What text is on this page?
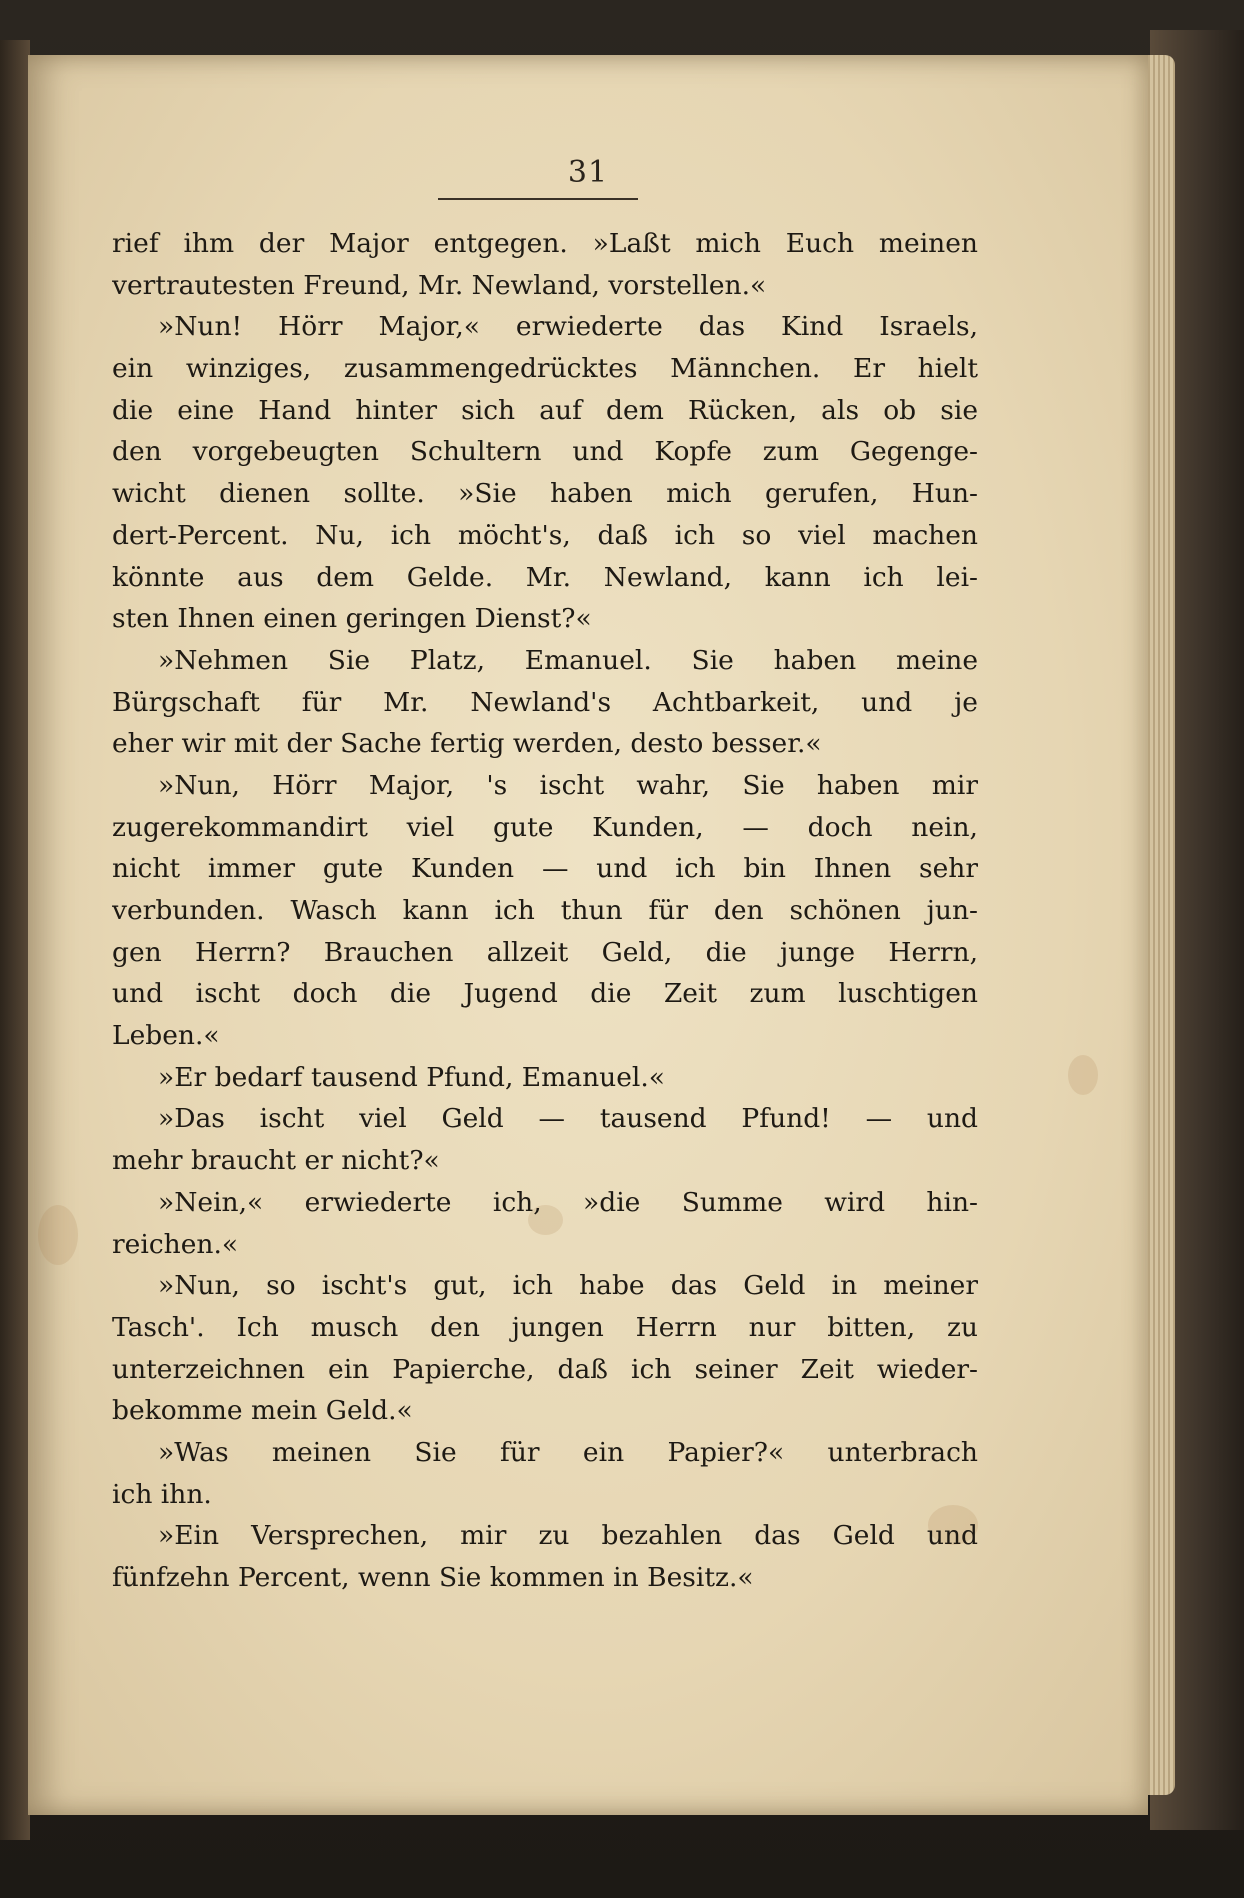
31
rief ihm der Major entgegen. »Laßt mich Euch meinen
vertrautesten Freund, Mr. Newland, vorstellen.«
»Nun! Hörr Major,« erwiederte das Kind Israels,
ein winziges, zusammengedrücktes Männchen. Er hielt
die eine Hand hinter sich auf dem Rücken, als ob sie
den vorgebeugten Schultern und Kopfe zum Gegenge-
wicht dienen sollte. »Sie haben mich gerufen, Hun-
dert-Percent. Nu, ich möcht's, daß ich so viel machen
könnte aus dem Gelde. Mr. Newland, kann ich lei-
sten Ihnen einen geringen Dienst?«
»Nehmen Sie Platz, Emanuel. Sie haben meine
Bürgschaft für Mr. Newland's Achtbarkeit, und je
eher wir mit der Sache fertig werden, desto besser.«
»Nun, Hörr Major, 's ischt wahr, Sie haben mir
zugerekommandirt viel gute Kunden, — doch nein,
nicht immer gute Kunden — und ich bin Ihnen sehr
verbunden. Wasch kann ich thun für den schönen jun-
gen Herrn? Brauchen allzeit Geld, die junge Herrn,
und ischt doch die Jugend die Zeit zum luschtigen
Leben.«
»Er bedarf tausend Pfund, Emanuel.«
»Das ischt viel Geld — tausend Pfund! — und
mehr braucht er nicht?«
»Nein,« erwiederte ich, »die Summe wird hin-
reichen.«
»Nun, so ischt's gut, ich habe das Geld in meiner
Tasch'. Ich musch den jungen Herrn nur bitten, zu
unterzeichnen ein Papierche, daß ich seiner Zeit wieder-
bekomme mein Geld.«
»Was meinen Sie für ein Papier?« unterbrach
ich ihn.
»Ein Versprechen, mir zu bezahlen das Geld und
fünfzehn Percent, wenn Sie kommen in Besitz.«
